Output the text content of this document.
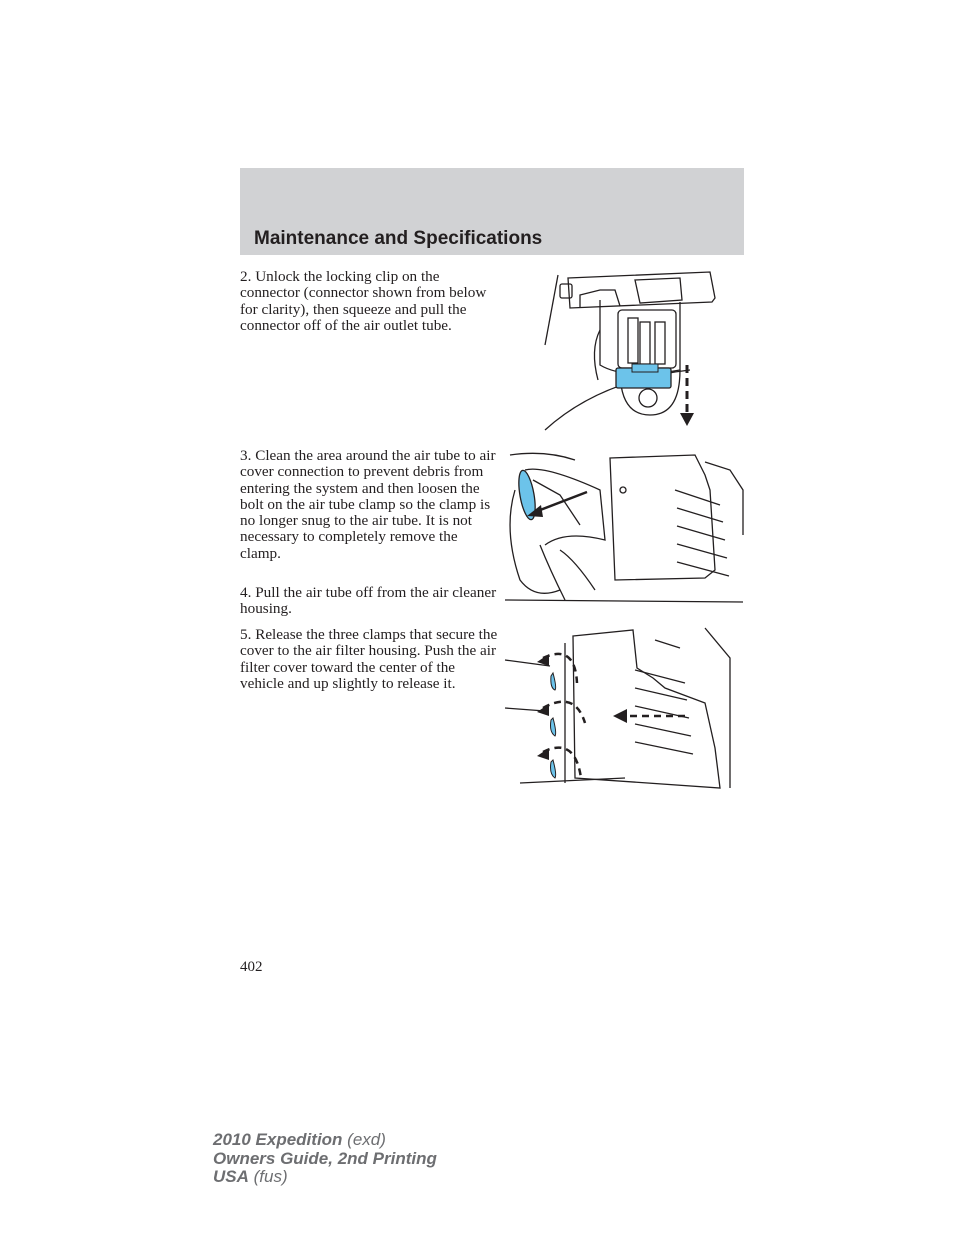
Maintenance and Specifications

2. Unlock the locking clip on the connector (connector shown from below for clarity), then squeeze and pull the connector off of the air outlet tube.

3. Clean the area around the air tube to air cover connection to prevent debris from entering the system and then loosen the bolt on the air tube clamp so the clamp is no longer snug to the air tube. It is not necessary to completely remove the clamp.

4. Pull the air tube off from the air cleaner housing.

5. Release the three clamps that secure the cover to the air filter housing. Push the air filter cover toward the center of the vehicle and up slightly to release it.

402
2010 Expedition (exd)
Owners Guide, 2nd Printing
USA (fus)
